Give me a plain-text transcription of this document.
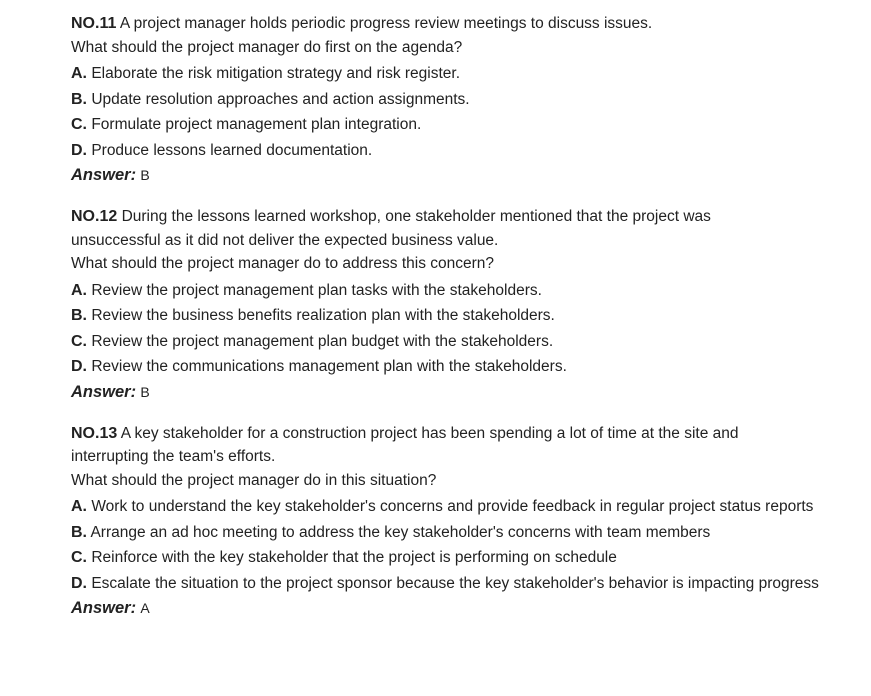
NO.11 A project manager holds periodic progress review meetings to discuss issues.
What should the project manager do first on the agenda?
A. Elaborate the risk mitigation strategy and risk register.
B. Update resolution approaches and action assignments.
C. Formulate project management plan integration.
D. Produce lessons learned documentation.
Answer: B
NO.12 During the lessons learned workshop, one stakeholder mentioned that the project was
unsuccessful as it did not deliver the expected business value.
What should the project manager do to address this concern?
A. Review the project management plan tasks with the stakeholders.
B. Review the business benefits realization plan with the stakeholders.
C. Review the project management plan budget with the stakeholders.
D. Review the communications management plan with the stakeholders.
Answer: B
NO.13 A key stakeholder for a construction project has been spending a lot of time at the site and
interrupting the team's efforts.
What should the project manager do in this situation?
A. Work to understand the key stakeholder's concerns and provide feedback in regular project status reports
B. Arrange an ad hoc meeting to address the key stakeholder's concerns with team members
C. Reinforce with the key stakeholder that the project is performing on schedule
D. Escalate the situation to the project sponsor because the key stakeholder's behavior is impacting progress
Answer: A
